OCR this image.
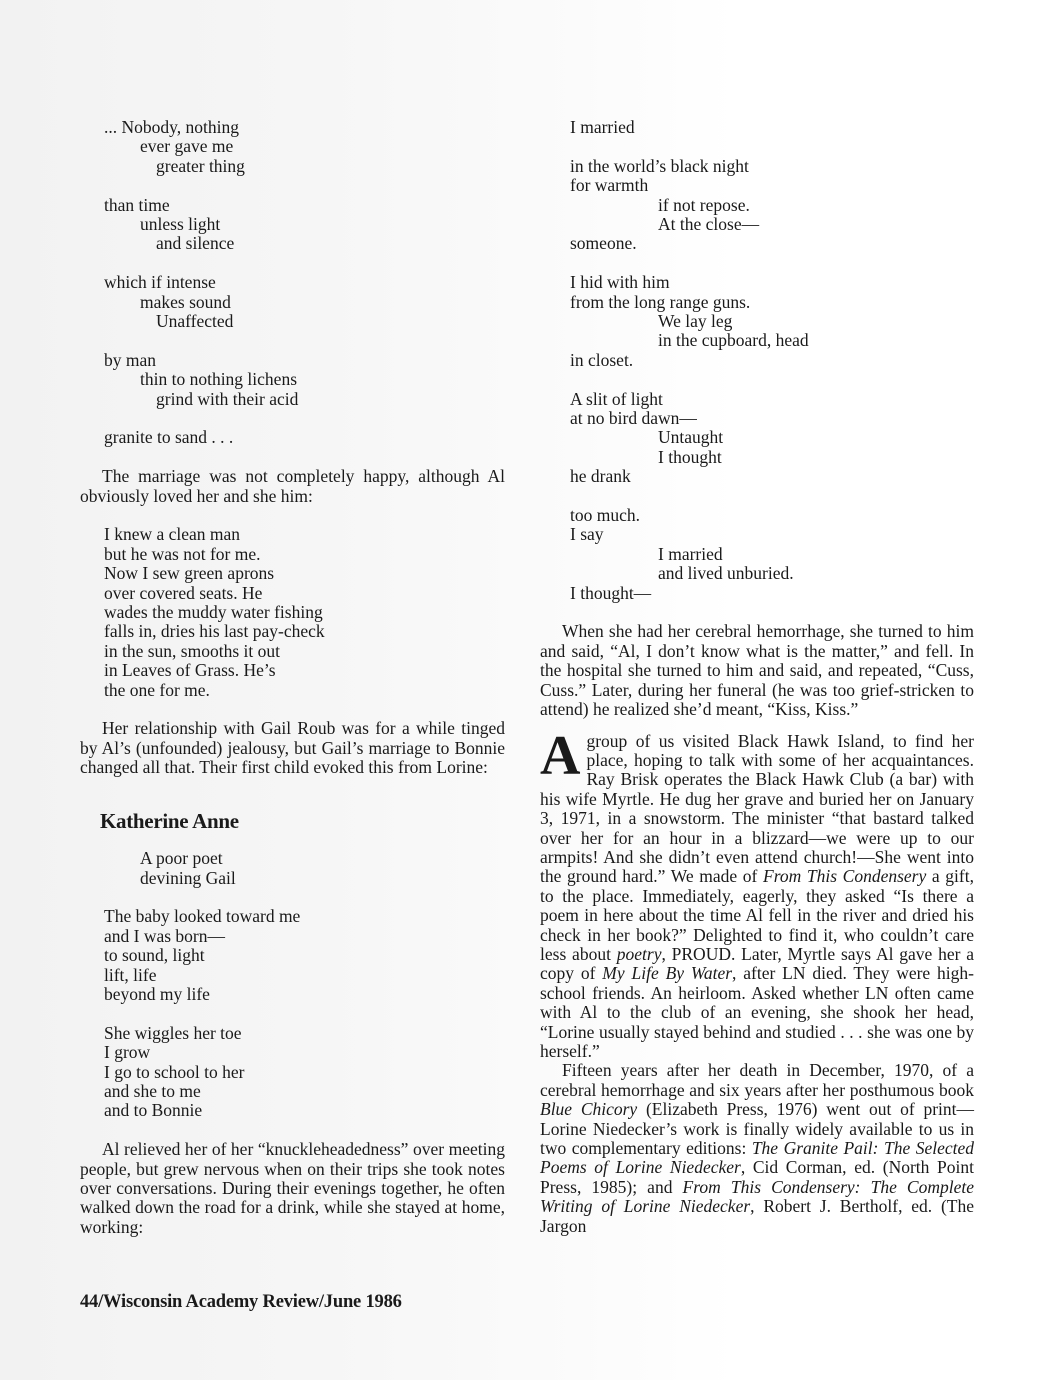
... Nobody, nothing
ever gave me
greater thing
than time
unless light
and silence
which if intense
makes sound
Unaffected
by man
thin to nothing lichens
grind with their acid
granite to sand . . .

The marriage was not completely happy, although Al obviously loved her and she him:

I knew a clean man
but he was not for me.
Now I sew green aprons
over covered seats. He
wades the muddy water fishing
falls in, dries his last pay-check
in the sun, smooths it out
in Leaves of Grass. He’s
the one for me.

Her relationship with Gail Roub was for a while tinged by Al’s (unfounded) jealousy, but Gail’s marriage to Bonnie changed all that. Their first child evoked this from Lorine:

Katherine Anne
A poor poet
devining Gail
The baby looked toward me
and I was born—
to sound, light
lift, life
beyond my life
She wiggles her toe
I grow
I go to school to her
and she to me
and to Bonnie

Al relieved her of her “knuckleheadedness” over meeting people, but grew nervous when on their trips she took notes over conversations. During their evenings together, he often walked down the road for a drink, while she stayed at home, working:

I married
in the world’s black night
for warmth
if not repose.
At the close—
someone.
I hid with him
from the long range guns.
We lay leg
in the cupboard, head
in closet.
A slit of light
at no bird dawn—
Untaught
I thought
he drank
too much.
I say
I married
and lived unburied.
I thought—

When she had her cerebral hemorrhage, she turned to him and said, “Al, I don’t know what is the matter,” and fell. In the hospital she turned to him and said, and repeated, “Cuss, Cuss.” Later, during her funeral (he was too grief-stricken to attend) he realized she’d meant, “Kiss, Kiss.”

A group of us visited Black Hawk Island, to find her place, hoping to talk with some of her acquaintances. Ray Brisk operates the Black Hawk Club (a bar) with his wife Myrtle. He dug her grave and buried her on January 3, 1971, in a snowstorm. The minister “that bastard talked over her for an hour in a blizzard—we were up to our armpits! And she didn’t even attend church!—She went into the ground hard.” We made of From This Condensery a gift, to the place. Immediately, eagerly, they asked “Is there a poem in here about the time Al fell in the river and dried his check in her book?” Delighted to find it, who couldn’t care less about poetry, PROUD. Later, Myrtle says Al gave her a copy of My Life By Water, after LN died. They were high-school friends. An heirloom. Asked whether LN often came with Al to the club of an evening, she shook her head, “Lorine usually stayed behind and studied . . . she was one by herself.”

Fifteen years after her death in December, 1970, of a cerebral hemorrhage and six years after her posthumous book Blue Chicory (Elizabeth Press, 1976) went out of print—Lorine Niedecker’s work is finally widely available to us in two complementary editions: The Granite Pail: The Selected Poems of Lorine Niedecker, Cid Corman, ed. (North Point Press, 1985); and From This Condensery: The Complete Writing of Lorine Niedecker, Robert J. Bertholf, ed. (The Jargon

44/Wisconsin Academy Review/June 1986
